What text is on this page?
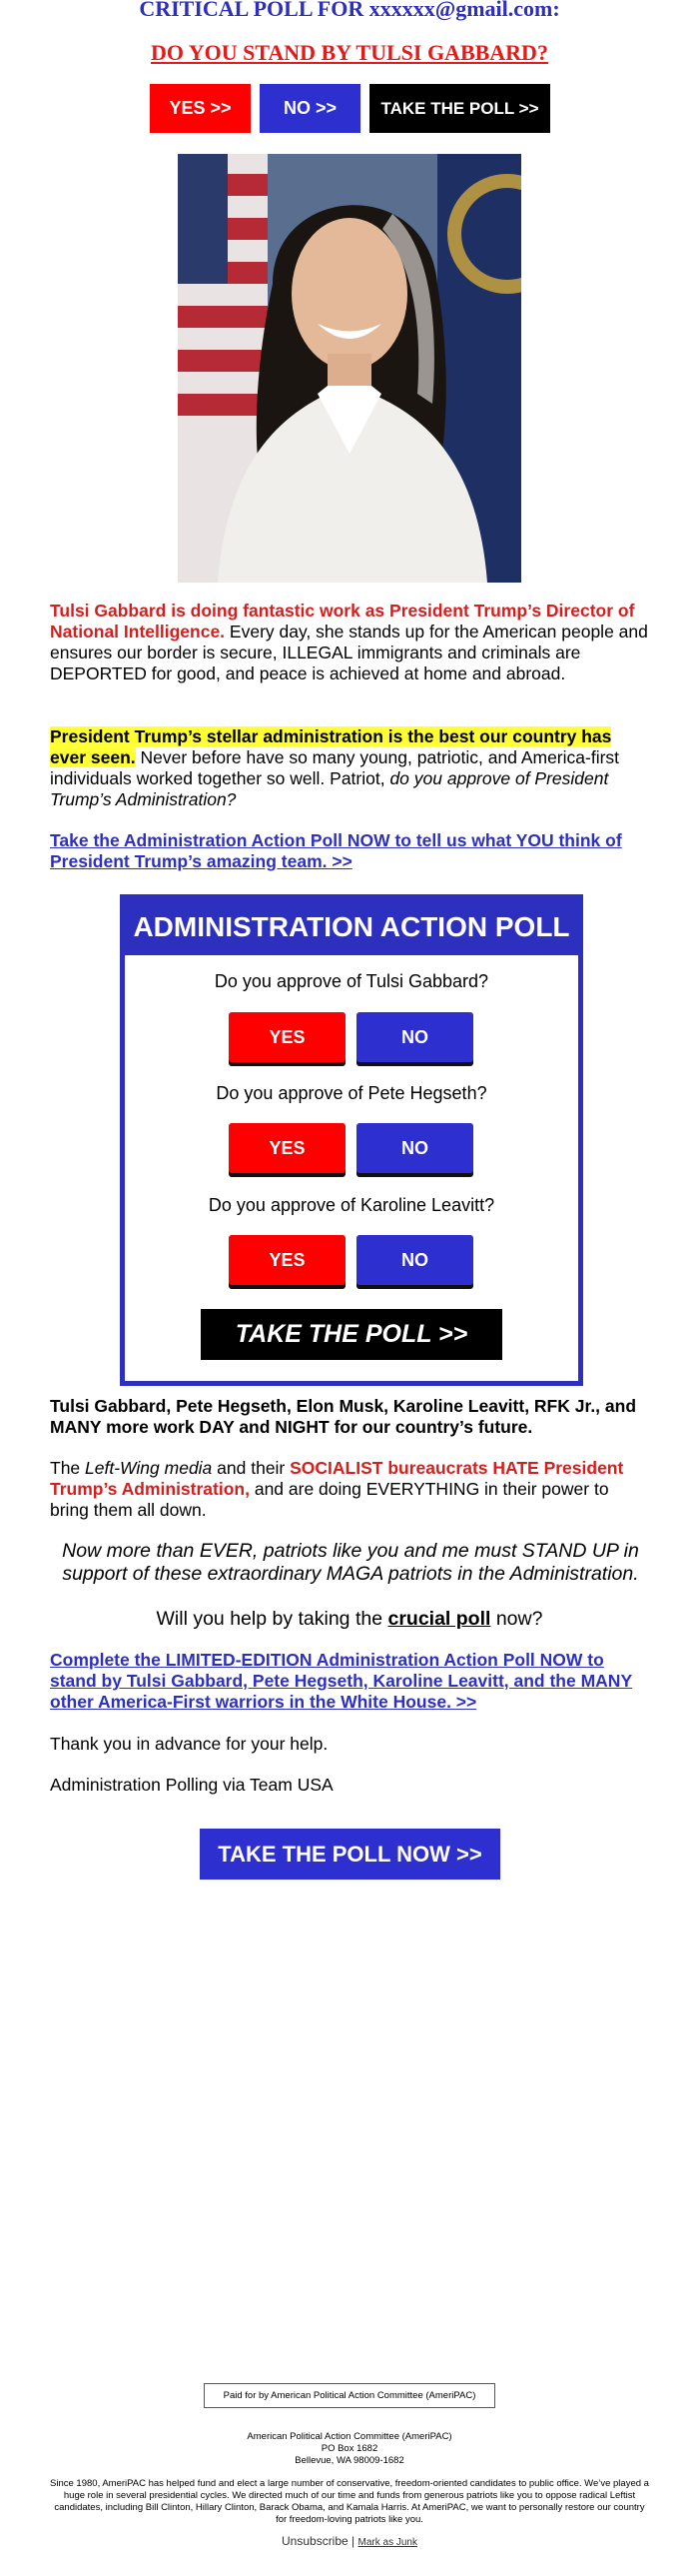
CRITICAL POLL FOR xxxxxx@gmail.com:
DO YOU STAND BY TULSI GABBARD?
YES >>	NO >>	TAKE THE POLL >>
Tulsi Gabbard is doing fantastic work as President Trump’s Director of National Intelligence. Every day, she stands up for the American people and ensures our border is secure, ILLEGAL immigrants and criminals are DEPORTED for good, and peace is achieved at home and abroad.
President Trump’s stellar administration is the best our country has ever seen. Never before have so many young, patriotic, and America-first individuals worked together so well. Patriot, do you approve of President Trump’s Administration?
Take the Administration Action Poll NOW to tell us what YOU think of President Trump’s amazing team. >>
ADMINISTRATION ACTION POLL
Do you approve of Tulsi Gabbard?
YES	NO
Do you approve of Pete Hegseth?
YES	NO
Do you approve of Karoline Leavitt?
YES	NO
TAKE THE POLL >>
Tulsi Gabbard, Pete Hegseth, Elon Musk, Karoline Leavitt, RFK Jr., and MANY more work DAY and NIGHT for our country’s future.
The Left-Wing media and their SOCIALIST bureaucrats HATE President Trump’s Administration, and are doing EVERYTHING in their power to bring them all down.
Now more than EVER, patriots like you and me must STAND UP in support of these extraordinary MAGA patriots in the Administration.
Will you help by taking the crucial poll now?
Complete the LIMITED-EDITION Administration Action Poll NOW to stand by Tulsi Gabbard, Pete Hegseth, Karoline Leavitt, and the MANY other America-First warriors in the White House. >>
Thank you in advance for your help.
Administration Polling via Team USA
TAKE THE POLL NOW >>
Paid for by American Political Action Committee (AmeriPAC)
American Political Action Committee (AmeriPAC)
PO Box 1682
Bellevue, WA 98009-1682
Since 1980, AmeriPAC has helped fund and elect a large number of conservative, freedom-oriented candidates to public office. We’ve played a huge role in several presidential cycles. We directed much of our time and funds from generous patriots like you to oppose radical Leftist candidates, including Bill Clinton, Hillary Clinton, Barack Obama, and Kamala Harris. At AmeriPAC, we want to personally restore our country for freedom-loving patriots like you.
Unsubscribe | Mark as Junk
